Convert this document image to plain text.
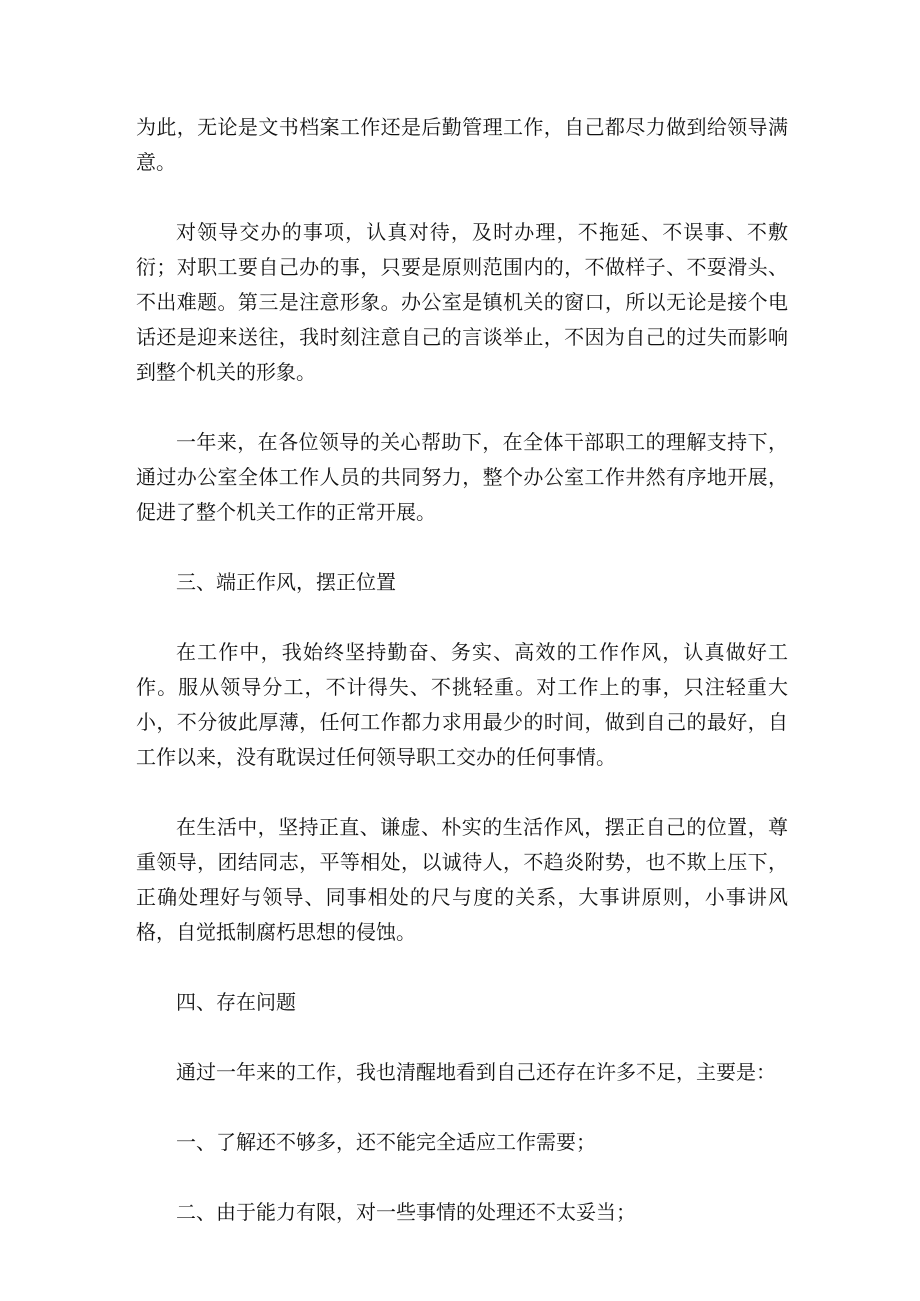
为此，无论是文书档案工作还是后勤管理工作，自己都尽力做到给领导满意。

对领导交办的事项，认真对待，及时办理，不拖延、不误事、不敷衍；对职工要自己办的事，只要是原则范围内的，不做样子、不耍滑头、不出难题。第三是注意形象。办公室是镇机关的窗口，所以无论是接个电话还是迎来送往，我时刻注意自己的言谈举止，不因为自己的过失而影响到整个机关的形象。

一年来，在各位领导的关心帮助下，在全体干部职工的理解支持下，通过办公室全体工作人员的共同努力，整个办公室工作井然有序地开展，促进了整个机关工作的正常开展。

三、端正作风，摆正位置

在工作中，我始终坚持勤奋、务实、高效的工作作风，认真做好工作。服从领导分工，不计得失、不挑轻重。对工作上的事，只注轻重大小，不分彼此厚薄，任何工作都力求用最少的时间，做到自己的最好，自工作以来，没有耽误过任何领导职工交办的任何事情。

在生活中，坚持正直、谦虚、朴实的生活作风，摆正自己的位置，尊重领导，团结同志，平等相处，以诚待人，不趋炎附势，也不欺上压下，正确处理好与领导、同事相处的尺与度的关系，大事讲原则，小事讲风格，自觉抵制腐朽思想的侵蚀。

四、存在问题

通过一年来的工作，我也清醒地看到自己还存在许多不足，主要是：

一、了解还不够多，还不能完全适应工作需要；

二、由于能力有限，对一些事情的处理还不太妥当；
